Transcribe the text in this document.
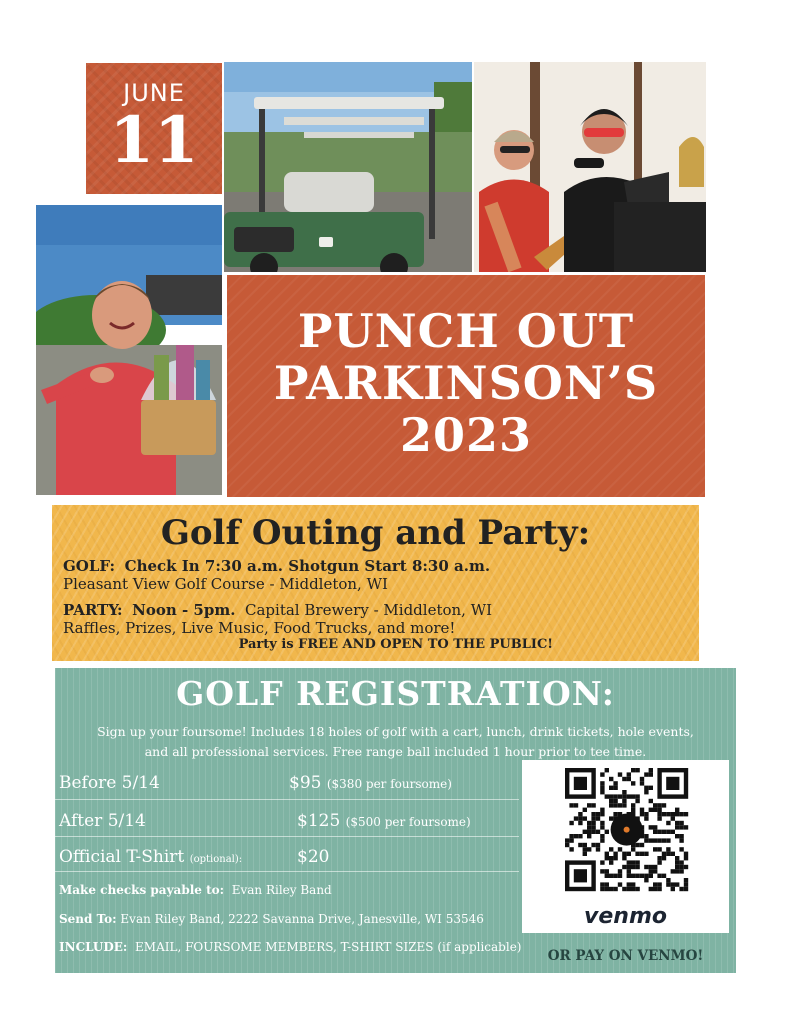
JUNE
11
PUNCH OUT
PARKINSON’S
2023
Golf Outing and Party:
GOLF: Check In 7:30 a.m. Shotgun Start 8:30 a.m.
Pleasant View Golf Course - Middleton, WI
PARTY: Noon - 5pm. Capital Brewery - Middleton, WI
Raffles, Prizes, Live Music, Food Trucks, and more!
Party is FREE AND OPEN TO THE PUBLIC!
GOLF REGISTRATION:
Sign up your foursome! Includes 18 holes of golf with a cart, lunch, drink tickets, hole events,
and all professional services. Free range ball included 1 hour prior to tee time.
Before 5/14	$95 ($380 per foursome)
After 5/14	$125 ($500 per foursome)
Official T-Shirt (optional):	$20
Make checks payable to: Evan Riley Band
Send To: Evan Riley Band, 2222 Savanna Drive, Janesville, WI 53546
INCLUDE: EMAIL, FOURSOME MEMBERS, T-SHIRT SIZES (if applicable)
venmo
OR PAY ON VENMO!
